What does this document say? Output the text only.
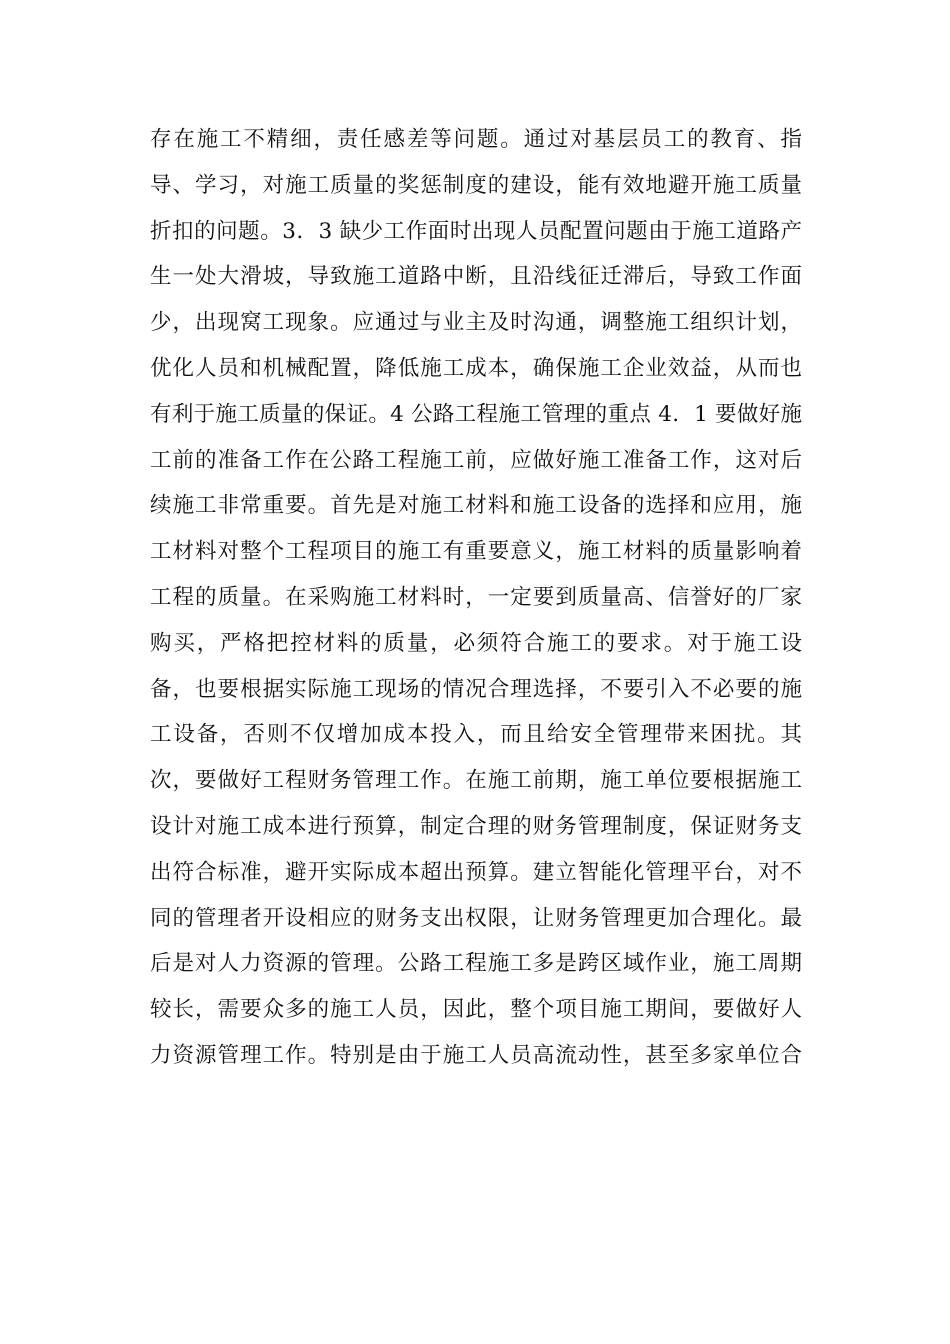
存在施工不精细，责任感差等问题。通过对基层员工的教育、指
导、学习，对施工质量的奖惩制度的建设，能有效地避开施工质量
折扣的问题。3．3 缺少工作面时出现人员配置问题由于施工道路产
生一处大滑坡，导致施工道路中断，且沿线征迁滞后，导致工作面
少，出现窝工现象。应通过与业主及时沟通，调整施工组织计划，
优化人员和机械配置，降低施工成本，确保施工企业效益，从而也
有利于施工质量的保证。4 公路工程施工管理的重点 4．1 要做好施
工前的准备工作在公路工程施工前，应做好施工准备工作，这对后
续施工非常重要。首先是对施工材料和施工设备的选择和应用，施
工材料对整个工程项目的施工有重要意义，施工材料的质量影响着
工程的质量。在采购施工材料时，一定要到质量高、信誉好的厂家
购买，严格把控材料的质量，必须符合施工的要求。对于施工设
备，也要根据实际施工现场的情况合理选择，不要引入不必要的施
工设备，否则不仅增加成本投入，而且给安全管理带来困扰。其
次，要做好工程财务管理工作。在施工前期，施工单位要根据施工
设计对施工成本进行预算，制定合理的财务管理制度，保证财务支
出符合标准，避开实际成本超出预算。建立智能化管理平台，对不
同的管理者开设相应的财务支出权限，让财务管理更加合理化。最
后是对人力资源的管理。公路工程施工多是跨区域作业，施工周期
较长，需要众多的施工人员，因此，整个项目施工期间，要做好人
力资源管理工作。特别是由于施工人员高流动性，甚至多家单位合
